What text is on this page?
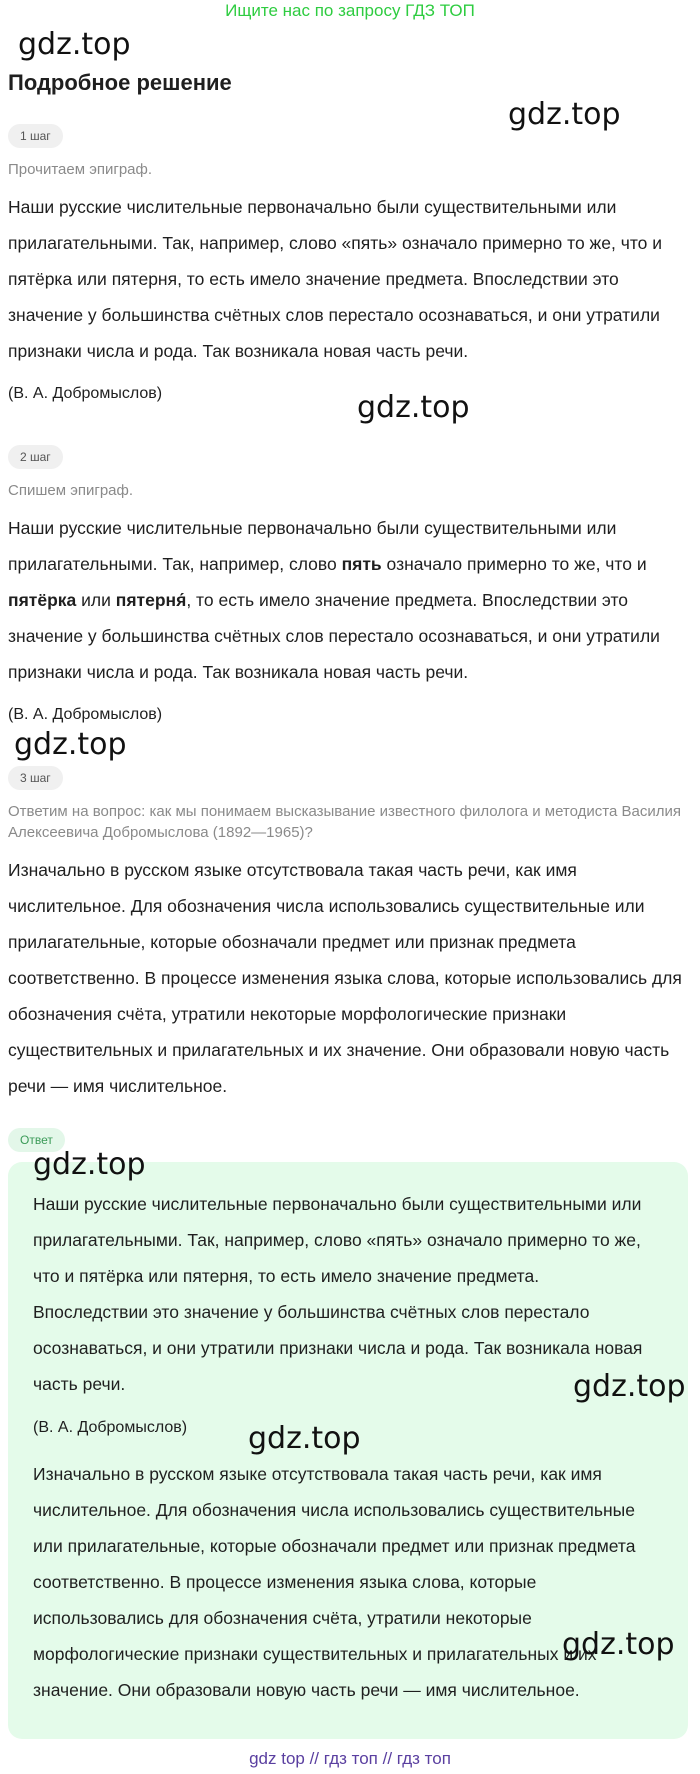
Ищите нас по запросу ГДЗ ТОП
gdz.top
Подробное решение
gdz.top
1 шаг
Прочитаем эпиграф.
Наши русские числительные первоначально были существительными или прилагательными. Так, например, слово «пять» означало примерно то же, что и пятёрка или пятерня, то есть имело значение предмета. Впоследствии это значение у большинства счётных слов перестало осознаваться, и они утратили признаки числа и рода. Так возникала новая часть речи.
(В. А. Добромыслов)	gdz.top
2 шаг
Спишем эпиграф.
Наши русские числительные первоначально были существительными или прилагательными. Так, например, слово пять означало примерно то же, что и пятёрка или пятерня́, то есть имело значение предмета. Впоследствии это значение у большинства счётных слов перестало осознаваться, и они утратили признаки числа и рода. Так возникала новая часть речи.
(В. А. Добромыслов)
gdz.top
3 шаг
Ответим на вопрос: как мы понимаем высказывание известного филолога и методиста Василия Алексеевича Добромыслова (1892—1965)?
Изначально в русском языке отсутствовала такая часть речи, как имя числительное. Для обозначения числа использовались существительные или прилагательные, которые обозначали предмет или признак предмета соответственно. В процессе изменения языка слова, которые использовались для обозначения счёта, утратили некоторые морфологические признаки существительных и прилагательных и их значение. Они образовали новую часть речи — имя числительное.
Ответ
gdz.top
Наши русские числительные первоначально были существительными или прилагательными. Так, например, слово «пять» означало примерно то же, что и пятёрка или пятерня, то есть имело значение предмета. Впоследствии это значение у большинства счётных слов перестало осознаваться, и они утратили признаки числа и рода. Так возникала новая часть речи.	gdz.top
(В. А. Добромыслов) gdz.top
Изначально в русском языке отсутствовала такая часть речи, как имя числительное. Для обозначения числа использовались существительные или прилагательные, которые обозначали предмет или признак предмета соответственно. В процессе изменения языка слова, которые использовались для обозначения счёта, утратили некоторые морфологические признаки существительных и прилагательных и их значение. Они образовали новую часть речи — имя числительное.
gdz.top
gdz top // гдз топ // гдз топ
